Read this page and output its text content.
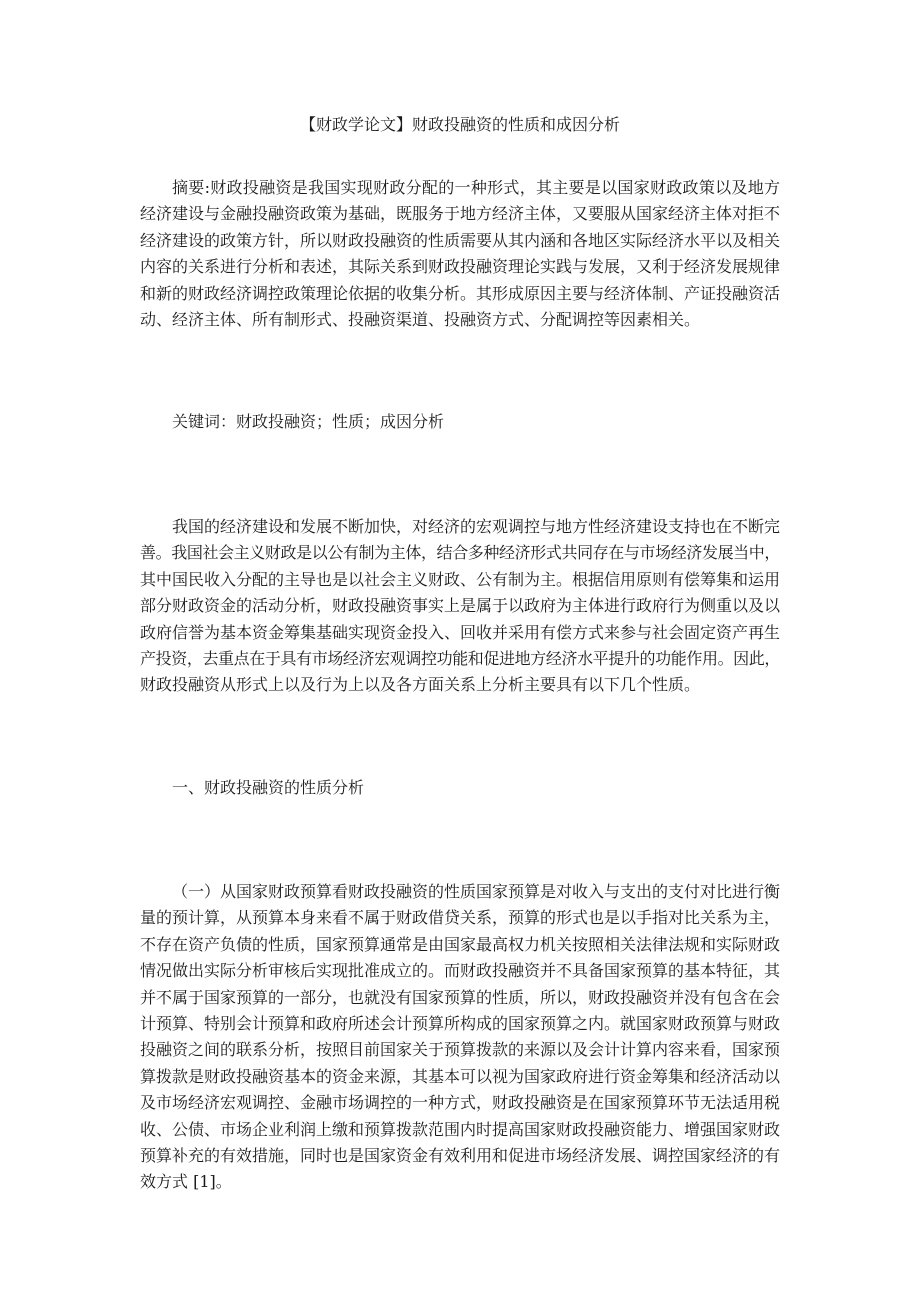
【财政学论文】财政投融资的性质和成因分析
摘要:财政投融资是我国实现财政分配的一种形式，其主要是以国家财政政策以及地方
经济建设与金融投融资政策为基础，既服务于地方经济主体，又要服从国家经济主体对拒不
经济建设的政策方针，所以财政投融资的性质需要从其内涵和各地区实际经济水平以及相关
内容的关系进行分析和表述，其际关系到财政投融资理论实践与发展，又利于经济发展规律
和新的财政经济调控政策理论依据的收集分析。其形成原因主要与经济体制、产证投融资活
动、经济主体、所有制形式、投融资渠道、投融资方式、分配调控等因素相关。
关键词：财政投融资；性质；成因分析
我国的经济建设和发展不断加快，对经济的宏观调控与地方性经济建设支持也在不断完
善。我国社会主义财政是以公有制为主体，结合多种经济形式共同存在与市场经济发展当中，
其中国民收入分配的主导也是以社会主义财政、公有制为主。根据信用原则有偿筹集和运用
部分财政资金的活动分析，财政投融资事实上是属于以政府为主体进行政府行为侧重以及以
政府信誉为基本资金筹集基础实现资金投入、回收并采用有偿方式来参与社会固定资产再生
产投资，去重点在于具有市场经济宏观调控功能和促进地方经济水平提升的功能作用。因此，
财政投融资从形式上以及行为上以及各方面关系上分析主要具有以下几个性质。
一、财政投融资的性质分析
（一）从国家财政预算看财政投融资的性质国家预算是对收入与支出的支付对比进行衡
量的预计算，从预算本身来看不属于财政借贷关系，预算的形式也是以手指对比关系为主，
不存在资产负债的性质，国家预算通常是由国家最高权力机关按照相关法律法规和实际财政
情况做出实际分析审核后实现批准成立的。而财政投融资并不具备国家预算的基本特征，其
并不属于国家预算的一部分，也就没有国家预算的性质，所以，财政投融资并没有包含在会
计预算、特别会计预算和政府所述会计预算所构成的国家预算之内。就国家财政预算与财政
投融资之间的联系分析，按照目前国家关于预算拨款的来源以及会计计算内容来看，国家预
算拨款是财政投融资基本的资金来源，其基本可以视为国家政府进行资金筹集和经济活动以
及市场经济宏观调控、金融市场调控的一种方式，财政投融资是在国家预算环节无法适用税
收、公债、市场企业利润上缴和预算拨款范围内时提高国家财政投融资能力、增强国家财政
预算补充的有效措施，同时也是国家资金有效利用和促进市场经济发展、调控国家经济的有
效方式 [1]。
